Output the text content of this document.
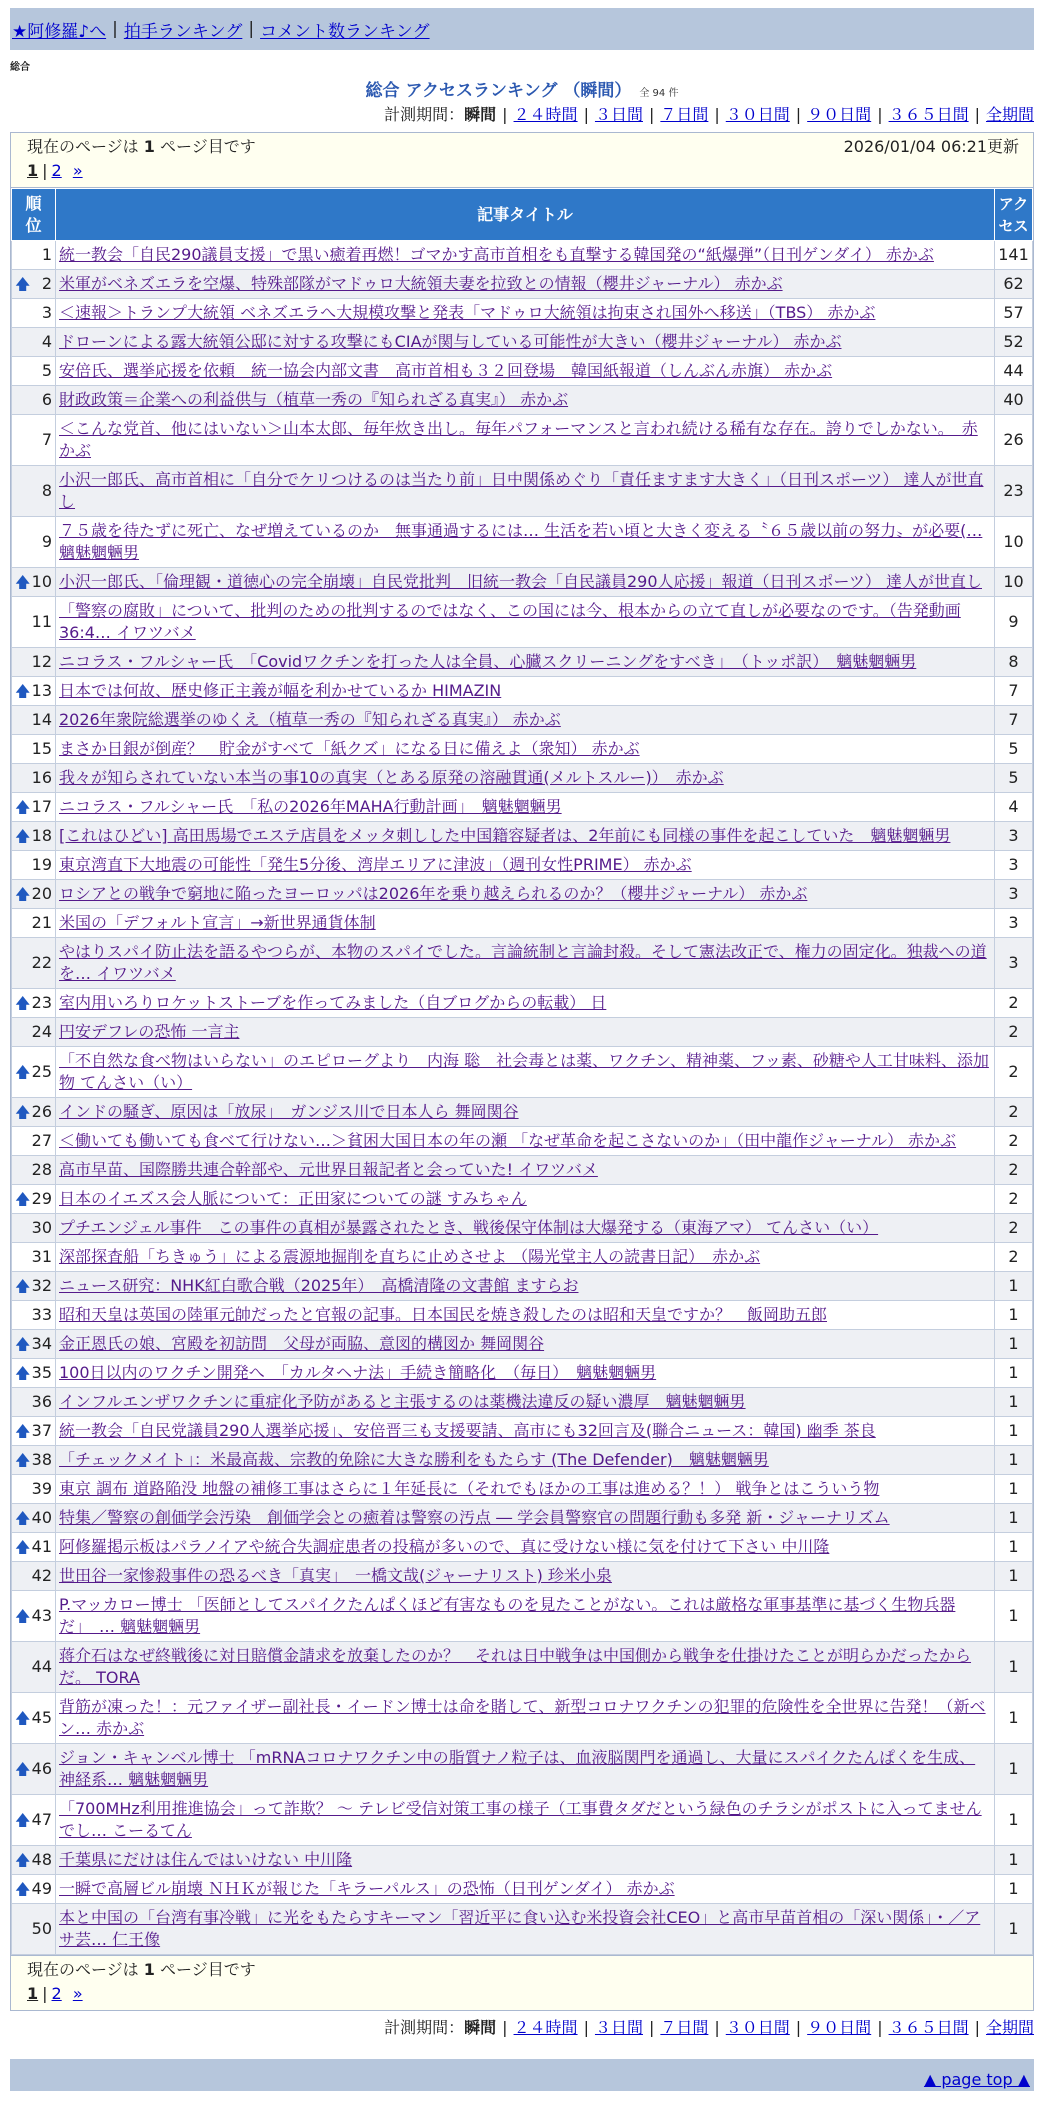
★阿修羅♪へ | 拍手ランキング | コメント数ランキング
総合
総合 アクセスランキング （瞬間） 全 94 件
計測期間：瞬間 | ２４時間 | ３日間 | ７日間 | ３０日間 | ９０日間 | ３６５日間 | 全期間
現在のページは 1 ページ目です	2026/01/04 06:21更新
1 | 2 »
順位	記事タイトル	アクセス
1	統一教会「自民290議員支援」で黒い癒着再燃！ゴマかす高市首相をも直撃する韓国発の“紙爆弾”（日刊ゲンダイ） 赤かぶ	141

🡅 2	米軍がベネズエラを空爆、特殊部隊がマドゥロ大統領夫妻を拉致との情報（櫻井ジャーナル） 赤かぶ	62
3	＜速報＞トランプ大統領 ベネズエラへ大規模攻撃と発表「マドゥロ大統領は拘束され国外へ移送」（TBS） 赤かぶ	57
4	ドローンによる露大統領公邸に対する攻撃にもCIAが関与している可能性が大きい（櫻井ジャーナル） 赤かぶ	52
5	安倍氏、選挙応援を依頼　統一協会内部文書　高市首相も３２回登場　韓国紙報道（しんぶん赤旗） 赤かぶ	44
6	財政政策＝企業への利益供与（植草一秀の『知られざる真実』） 赤かぶ	40
7	＜こんな党首、他にはいない＞山本太郎、毎年炊き出し。毎年パフォーマンスと言われ続ける稀有な存在。誇りでしかない。　赤かぶ	26
8	小沢一郎氏、高市首相に「自分でケリつけるのは当たり前」日中関係めぐり「責任ますます大きく」（日刊スポーツ） 達人が世直し	23
9	７５歳を待たずに死亡、なぜ増えているのか　無事通過するには… 生活を若い頃と大きく変える〝６５歳以前の努力〟が必要(… 魑魅魍魎男	10

🡅 10	小沢一郎氏、「倫理観・道徳心の完全崩壊」自民党批判　旧統一教会「自民議員290人応援」報道（日刊スポーツ） 達人が世直し	10
11	「警察の腐敗」について、批判のための批判するのではなく、この国には今、根本からの立て直しが必要なのです。（告発動画36:4… イワツバメ	9
12	ニコラス・フルシャー氏　「Covidワクチンを打った人は全員、心臓スクリーニングをすべき」　（トッポ訳）　魑魅魍魎男	8

🡅 13	日本では何故、歴史修正主義が幅を利かせているか HIMAZIN	7
14	2026年衆院総選挙のゆくえ（植草一秀の『知られざる真実』） 赤かぶ	7
15	まさか日銀が倒産？　貯金がすべて「紙クズ」になる日に備えよ（衆知） 赤かぶ	5
16	我々が知らされていない本当の事10の真実（とある原発の溶融貫通(メルトスルー)）　赤かぶ	5

🡅 17	ニコラス・フルシャー氏　「私の2026年MAHA行動計画」　魑魅魍魎男	4

🡅 18	[これはひどい] 高田馬場でエステ店員をメッタ刺しした中国籍容疑者は、2年前にも同様の事件を起こしていた　魑魅魍魎男	3
19	東京湾直下大地震の可能性「発生5分後、湾岸エリアに津波」（週刊女性PRIME） 赤かぶ	3

🡅 20	ロシアとの戦争で窮地に陥ったヨーロッパは2026年を乗り越えられるのか？（櫻井ジャーナル） 赤かぶ	3
21	米国の「デフォルト宣言」→新世界通貨体制	3
22	やはりスパイ防止法を語るやつらが、本物のスパイでした。言論統制と言論封殺。そして憲法改正で、権力の固定化。独裁への道を… イワツバメ	3

🡅 23	室内用いろりロケットストーブを作ってみました（自ブログからの転載） 日	2
24	円安デフレの恐怖 一言主	2

🡅 25	「不自然な食べ物はいらない」のエピローグより　内海 聡　社会毒とは薬、ワクチン、精神薬、フッ素、砂糖や人工甘味料、添加物 てんさい（い）	2

🡅 26	インドの騒ぎ、原因は「放尿」　ガンジス川で日本人ら 舞岡関谷	2
27	＜働いても働いても食べて行けない…＞貧困大国日本の年の瀬 「なぜ革命を起こさないのか」（田中龍作ジャーナル） 赤かぶ	2
28	高市早苗、国際勝共連合幹部や、元世界日報記者と会っていた! イワツバメ	2

🡅 29	日本のイエズス会人脈について：正田家についての謎 すみちゃん	2
30	プチエンジェル事件　この事件の真相が暴露されたとき、戦後保守体制は大爆発する（東海アマ） てんさい（い）	2
31	深部探査船「ちきゅう」による震源地掘削を直ちに止めさせよ （陽光堂主人の読書日記）　赤かぶ	2

🡅 32	ニュース研究：NHK紅白歌合戦（2025年）　高橋清隆の文書館 ますらお	1
33	昭和天皇は英国の陸軍元帥だったと官報の記事。日本国民を焼き殺したのは昭和天皇ですか？　飯岡助五郎	1

🡅 34	金正恩氏の娘、宮殿を初訪問　父母が両脇、意図的構図か 舞岡関谷	1

🡅 35	100日以内のワクチン開発へ　「カルタヘナ法」手続き簡略化　（毎日）　魑魅魍魎男	1
36	インフルエンザワクチンに重症化予防があると主張するのは薬機法違反の疑い濃厚　魑魅魍魎男	1

🡅 37	統一教会「自民党議員290人選挙応援」、安倍晋三も支援要請、高市にも32回言及(聯合ニュース：韓国) 幽季 茶良	1

🡅 38	「チェックメイト」：米最高裁、宗教的免除に大きな勝利をもたらす (The Defender)　魑魅魍魎男	1
39	東京 調布 道路陥没 地盤の補修工事はさらに１年延長に（それでもほかの工事は進める？！） 戦争とはこういう物	1

🡅 40	特集／警察の創価学会汚染　創価学会との癒着は警察の汚点 ― 学会員警察官の問題行動も多発 新・ジャーナリズム	1

🡅 41	阿修羅掲示板はパラノイアや統合失調症患者の投稿が多いので、真に受けない様に気を付けて下さい 中川隆	1
42	世田谷一家惨殺事件の恐るべき「真実」　一橋文哉(ジャーナリスト) 珍米小泉	1

🡅 43	P.マッカロー博士 「医師としてスパイクたんぱくほど有害なものを見たことがない。これは厳格な軍事基準に基づく生物兵器だ」　… 魑魅魍魎男	1
44	蒋介石はなぜ終戦後に対日賠償金請求を放棄したのか？　それは日中戦争は中国側から戦争を仕掛けたことが明らかだったからだ。 TORA	1

🡅 45	背筋が凍った！：元ファイザー副社長・イードン博士は命を賭して、新型コロナワクチンの犯罪的危険性を全世界に告発！（新ベン… 赤かぶ	1

🡅 46	ジョン・キャンベル博士 「mRNAコロナワクチン中の脂質ナノ粒子は、血液脳関門を通過し、大量にスパイクたんぱくを生成、神経系… 魑魅魍魎男	1

🡅 47	「700MHz利用推進協会」って詐欺？ 〜 テレビ受信対策工事の様子（工事費タダだという緑色のチラシがポストに入ってませんでし… こーるてん	1

🡅 48	千葉県にだけは住んではいけない 中川隆	1

🡅 49	一瞬で高層ビル崩壊 ＮＨＫが報じた「キラーパルス」の恐怖（日刊ゲンダイ） 赤かぶ	1
50	本と中国の「台湾有事冷戦」に光をもたらすキーマン「習近平に食い込む米投資会社CEO」と高市早苗首相の「深い関係」・／アサ芸… 仁王像	1
現在のページは 1 ページ目です
1 | 2 »
計測期間：瞬間 | ２４時間 | ３日間 | ７日間 | ３０日間 | ９０日間 | ３６５日間 | 全期間
▲ page top ▲
